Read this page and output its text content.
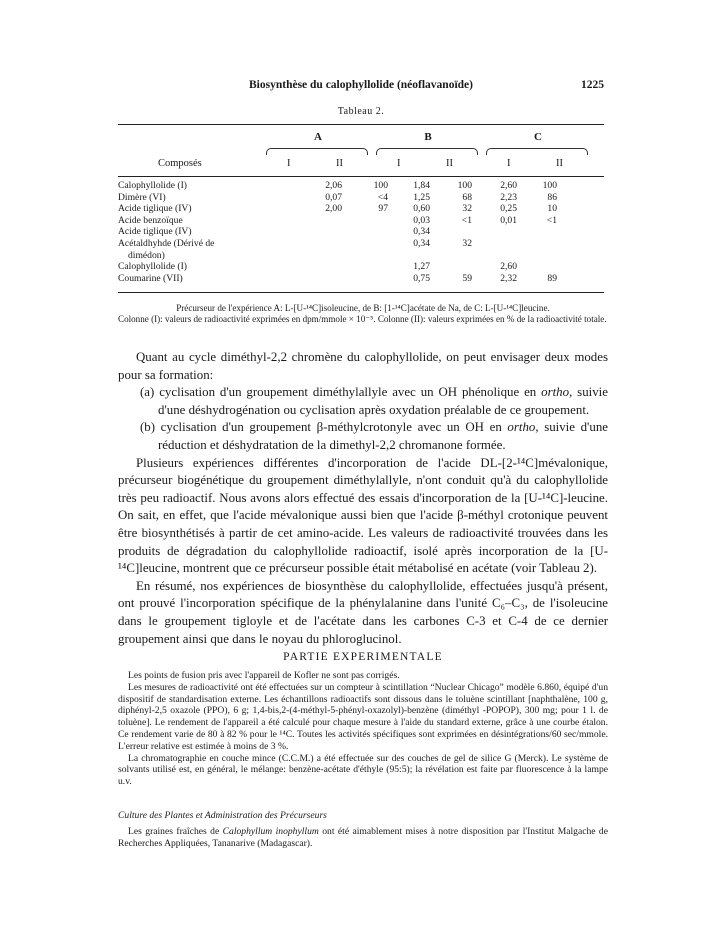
Biosynthèse du calophyllolide (néoflavanoïde)	1225
Tableau 2.
A	B	C
Composés	I	II	I	II	I	II
Calophyllolide (I)		2,06	100	1,84	100	2,60	100
Dimère (VI)		0,07	<4	1,25	68	2,23	86
Acide tiglique (IV)		2,00	97	0,60	32	0,25	10
Acide benzoïque				0,03	<1	0,01	<1
Acide tiglique (IV)				0,34			
Acétaldhyhde (Dérivé de				0,34	32		
dimédon)							
Calophyllolide (I)				1,27		2,60	
Coumarine (VII)				0,75	59	2,32	89
Précurseur de l'expérience A: L-[U-¹⁴C]isoleucine, de B: [1-¹⁴C]acétate de Na, de C: L-[U-¹⁴C]leucine.
Colonne (I): valeurs de radioactivité exprimées en dpm/mmole × 10⁻⁵. Colonne (II): valeurs exprimées en % de la radioactivité totale.

Quant au cycle diméthyl-2,2 chromène du calophyllolide, on peut envisager deux modes pour sa formation:

(a) cyclisation d'un groupement diméthylallyle avec un OH phénolique en ortho, suivie d'une déshydrogénation ou cyclisation après oxydation préalable de ce groupement.

(b) cyclisation d'un groupement β-méthylcrotonyle avec un OH en ortho, suivie d'une réduction et déshydratation de la dimethyl-2,2 chromanone formée.

Plusieurs expériences différentes d'incorporation de l'acide DL-[2-¹⁴C]mévalonique, précurseur biogénétique du groupement diméthylallyle, n'ont conduit qu'à du calophyllolide très peu radioactif. Nous avons alors effectué des essais d'incorporation de la [U-¹⁴C]-leucine. On sait, en effet, que l'acide mévalonique aussi bien que l'acide β-méthyl crotonique peuvent être biosynthétisés à partir de cet amino-acide. Les valeurs de radioactivité trouvées dans les produits de dégradation du calophyllolide radioactif, isolé après incorporation de la [U-¹⁴C]leucine, montrent que ce précurseur possible était métabolisé en acétate (voir Tableau 2).

En résumé, nos expériences de biosynthèse du calophyllolide, effectuées jusqu'à présent, ont prouvé l'incorporation spécifique de la phénylalanine dans l'unité C₆–C₃, de l'isoleucine dans le groupement tigloyle et de l'acétate dans les carbones C-3 et C-4 de ce dernier groupement ainsi que dans le noyau du phloroglucinol.

PARTIE EXPERIMENTALE

Les points de fusion pris avec l'appareil de Kofler ne sont pas corrigés.

Les mesures de radioactivité ont été effectuées sur un compteur à scintillation “Nuclear Chicago” modèle 6.860, équipé d'un dispositif de standardisation externe. Les échantillons radioactifs sont dissous dans le toluène scintillant [naphthalène, 100 g, diphényl-2,5 oxazole (PPO), 6 g; 1,4-bis,2-(4-méthyl-5-phényl-oxazolyl)-benzène (diméthyl -POPOP), 300 mg; pour 1 l. de toluène]. Le rendement de l'appareil a été calculé pour chaque mesure à l'aide du standard externe, grâce à une courbe étalon. Ce rendement varie de 80 à 82 % pour le ¹⁴C. Toutes les activités spécifiques sont exprimées en désintégrations/60 sec/mmole. L'erreur relative est estimée à moins de 3 %.

La chromatographie en couche mince (C.C.M.) a été effectuée sur des couches de gel de silice G (Merck). Le système de solvants utilisé est, en général, le mélange: benzène-acétate d'éthyle (95:5); la révélation est faite par fluorescence à la lampe u.v.

Culture des Plantes et Administration des Précurseurs
Les graines fraîches de Calophyllum inophyllum ont été aimablement mises à notre disposition par l'Institut Malgache de Recherches Appliquées, Tananarive (Madagascar).
